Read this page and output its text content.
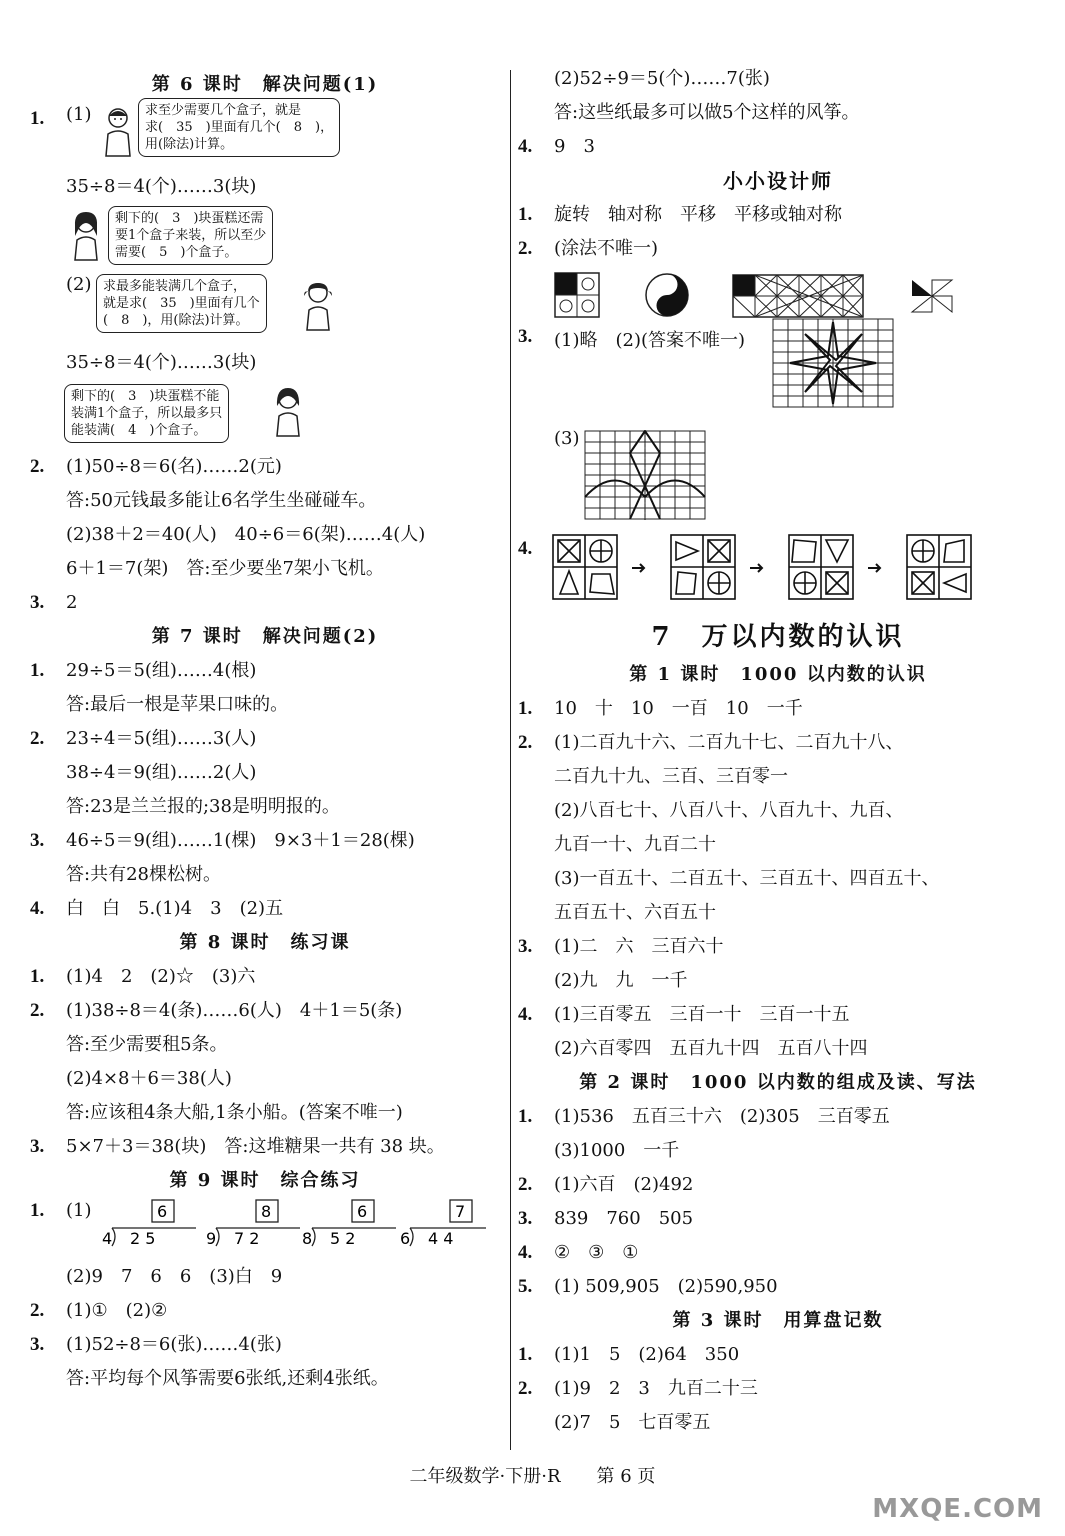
第 6 课时　解决问题(1)
1. (1)	求至少需要几个盒子，就是
求(　35　)里面有几个(　8　)，
用(除法)计算。
35÷8＝4(个)……3(块)
剩下的(　3　)块蛋糕还需
要1个盒子来装，所以至少
需要(　5　)个盒子。
(2) 求最多能装满几个盒子，
就是求(　35　)里面有几个
(　8　)，用(除法)计算。
35÷8＝4(个)……3(块)
剩下的(　3　)块蛋糕不能
装满1个盒子，所以最多只
能装满(　4　)个盒子。
2. (1)50÷8＝6(名)……2(元)
答:50元钱最多能让6名学生坐碰碰车。
(2)38＋2＝40(人)　40÷6＝6(架)……4(人)
6＋1＝7(架)　答:至少要坐7架小飞机。
3. 2
第 7 课时　解决问题(2)
1. 29÷5＝5(组)……4(根)
答:最后一根是苹果口味的。
2. 23÷4＝5(组)……3(人)
38÷4＝9(组)……2(人)
答:23是兰兰报的;38是明明报的。
3. 46÷5＝9(组)……1(棵)　9×3＋1＝28(棵)
答:共有28棵松树。
4. 白　白　5.(1)4　3　(2)五
第 8 课时　练习课
1. (1)4　2　(2)☆　(3)六
2. (1)38÷8＝4(条)……6(人)　4＋1＝5(条)
答:至少需要租5条。
(2)4×8＋6＝38(人)
答:应该租4条大船,1条小船。(答案不唯一)
3. 5×7＋3＝38(块)　答:这堆糖果一共有 38 块。
第 9 课时　综合练习
1. (1)	6
4 2 5
8
9 7 2
6
8 5 2
7
6 4 4
(2)9　7　6　6　(3)白　9
2. (1)①　(2)②
3. (1)52÷8＝6(张)……4(张)
答:平均每个风筝需要6张纸,还剩4张纸。
(2)52÷9＝5(个)……7(张)
答:这些纸最多可以做5个这样的风筝。
4. 9　3
小小设计师
1. 旋转　轴对称　平移　平移或轴对称
2. (涂法不唯一)
3. (1)略　(2)(答案不唯一)
(3)
4.
7　万以内数的认识
第 1 课时　1000 以内数的认识
1. 10　十　10　一百　10　一千
2. (1)二百九十六、二百九十七、二百九十八、
二百九十九、三百、三百零一
(2)八百七十、八百八十、八百九十、九百、
九百一十、九百二十
(3)一百五十、二百五十、三百五十、四百五十、
五百五十、六百五十
3. (1)二　六　三百六十
(2)九　九　一千
4. (1)三百零五　三百一十　三百一十五
(2)六百零四　五百九十四　五百八十四
第 2 课时　1000 以内数的组成及读、写法
1. (1)536　五百三十六　(2)305　三百零五
(3)1000　一千
2. (1)六百　(2)492
3. 839　760　505
4. ②　③　①
5. (1) 509,905　(2)590,950
第 3 课时　用算盘记数
1. (1)1　5　(2)64　350
2. (1)9　2　3　九百二十三
(2)7　5　七百零五
二年级数学·下册·R　　第 6 页
MXQE.COM
